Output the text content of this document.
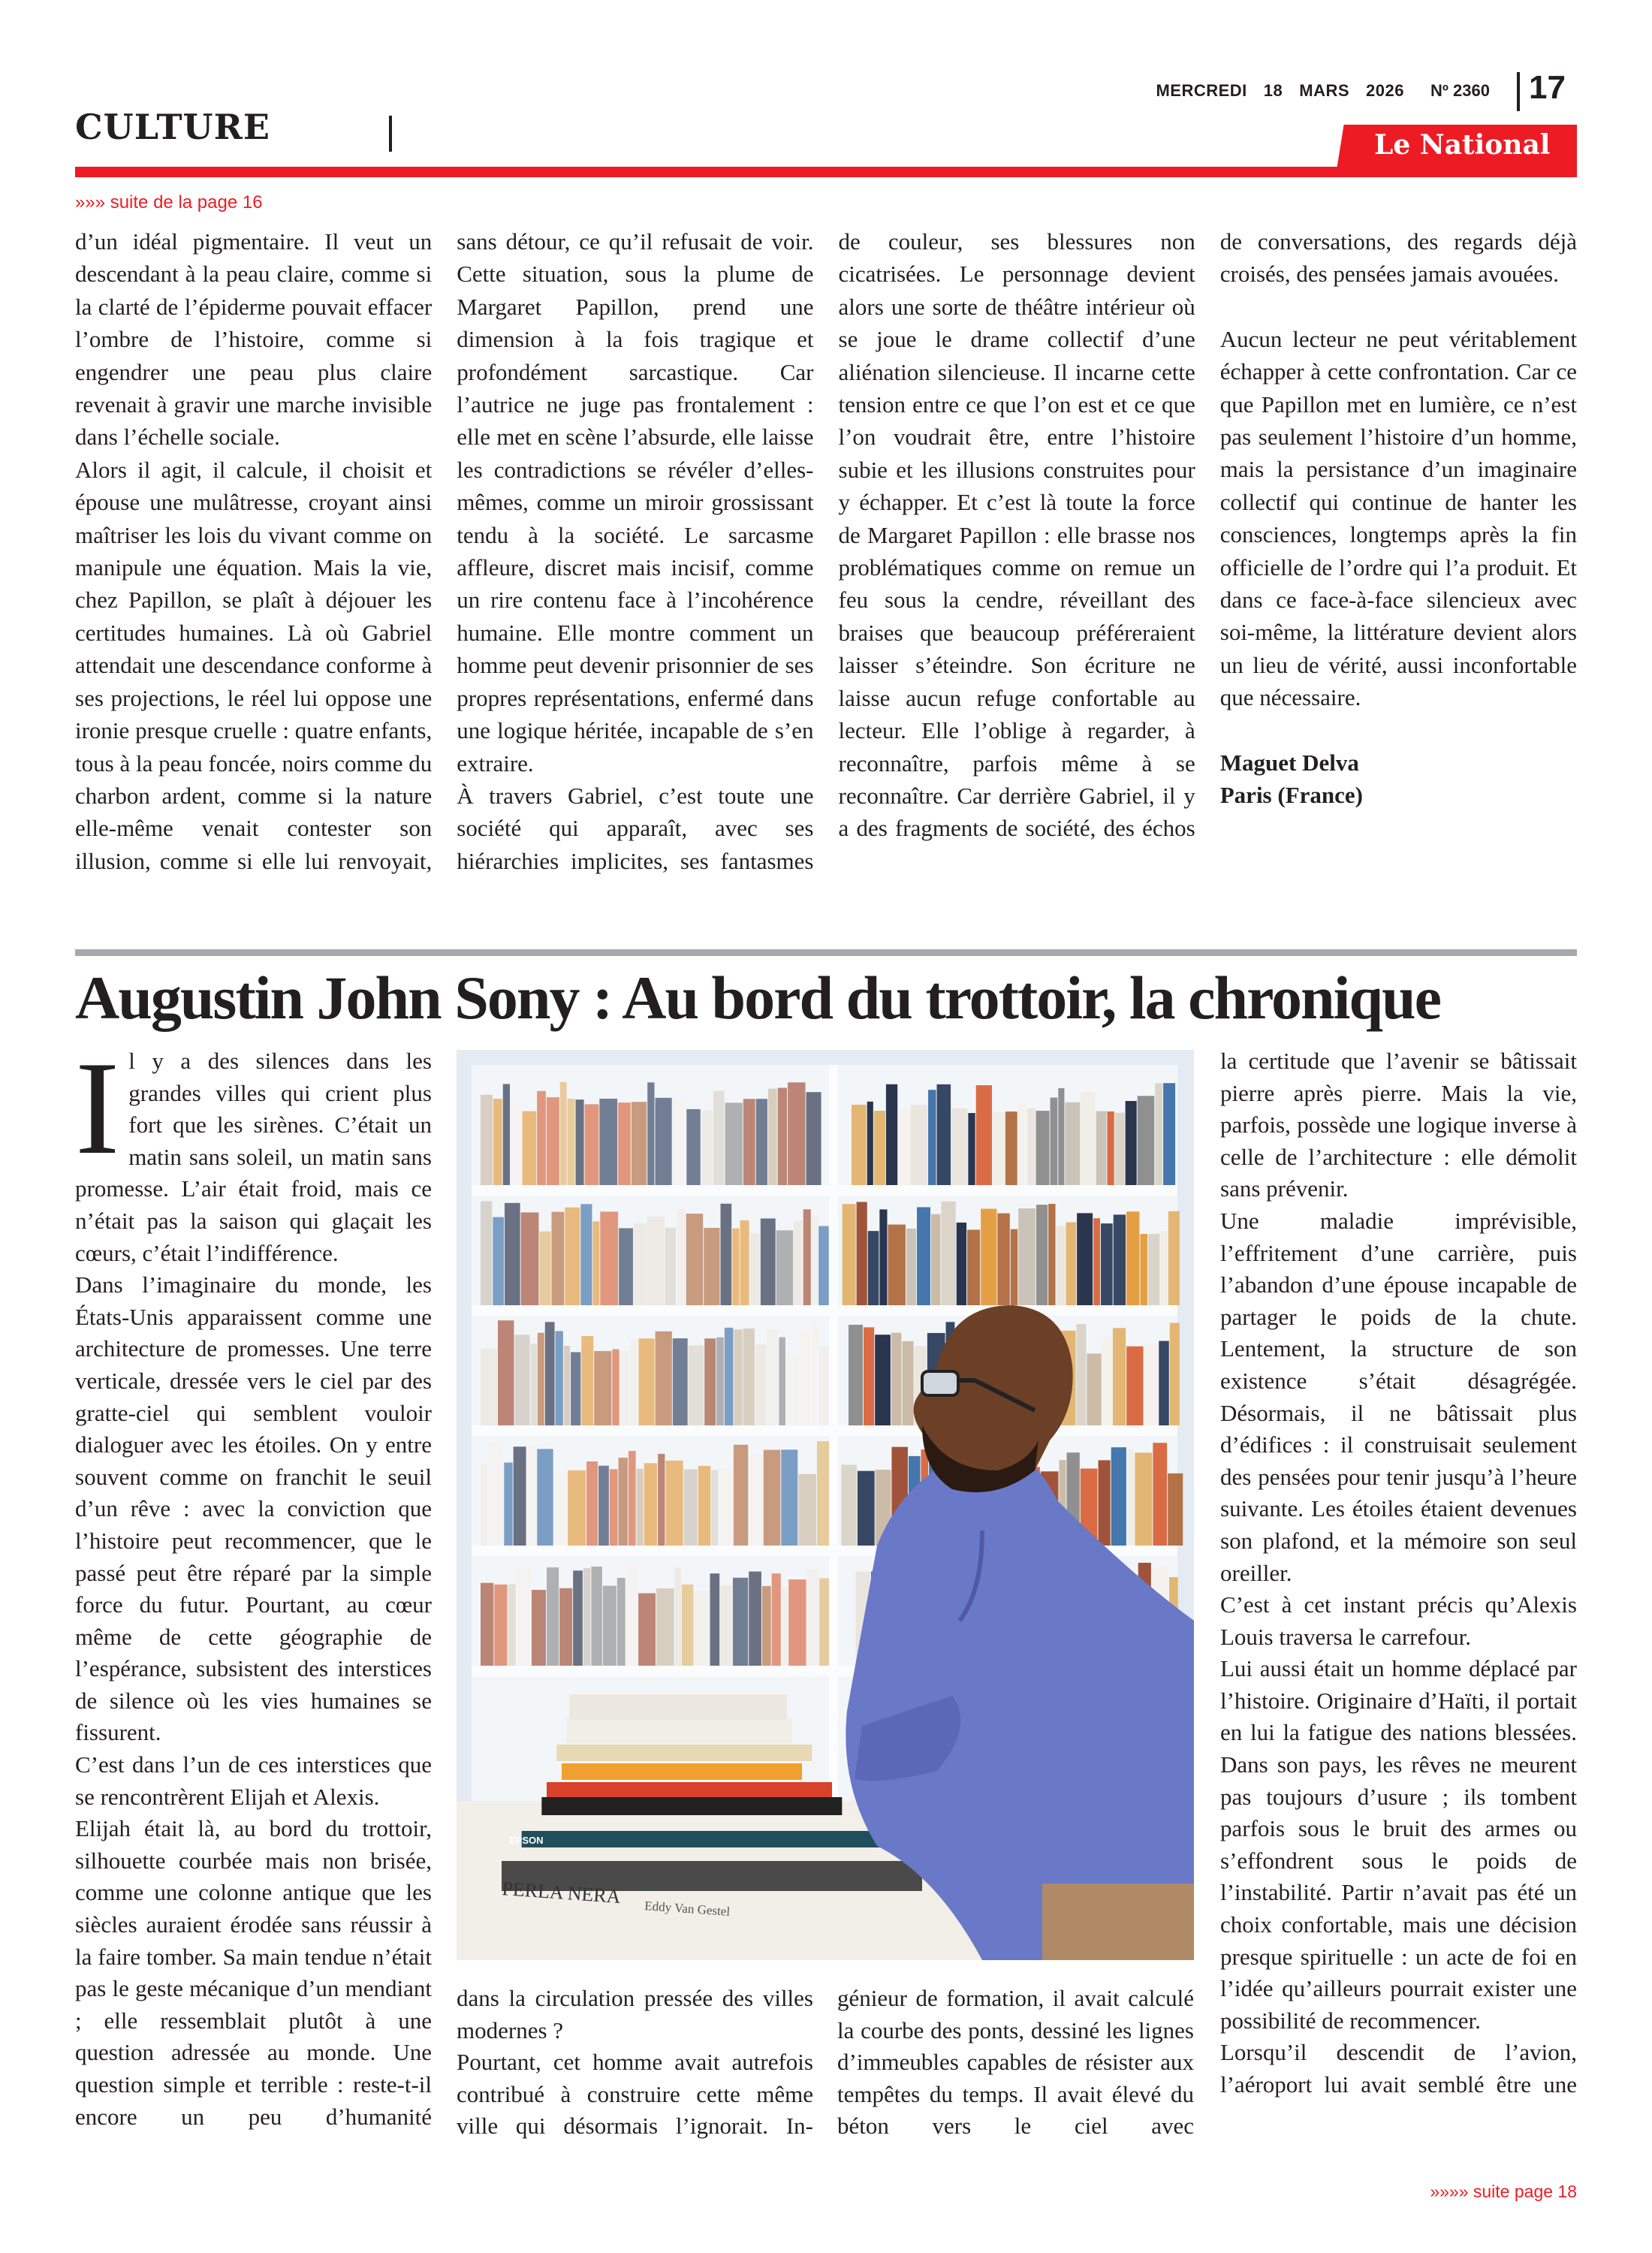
MERCREDI 18 MARS 2026 Nº 2360 17
CULTURE	Le National
»»» suite de la page 16

d’un idéal pigmentaire. Il veut un descendant à la peau claire, comme si la clarté de l’épiderme pouvait effacer l’ombre de l’histoire, comme si engendrer une peau plus claire revenait à gravir une marche invisible dans l’échelle sociale.

Alors il agit, il calcule, il choisit et épouse une mulâtresse, croyant ainsi maîtriser les lois du vivant comme on manipule une équation. Mais la vie, chez Papillon, se plaît à déjouer les certitudes humaines. Là où Gabriel attendait une descendance conforme à ses projections, le réel lui oppose une ironie presque cruelle : quatre enfants, tous à la peau foncée, noirs comme du charbon ardent, comme si la nature elle-même venait contester son illusion, comme si elle lui renvoyait, sans détour, ce qu’il refusait de voir. Cette situation, sous la plume de Margaret Papillon, prend une dimension à la fois tragique et profondément sarcastique. Car l’autrice ne juge pas frontalement : elle met en scène l’absurde, elle laisse les contradictions se révéler d’elles-mêmes, comme un miroir grossissant tendu à la société. Le sarcasme affleure, discret mais incisif, comme un rire contenu face à l’incohérence humaine. Elle montre comment un homme peut devenir prisonnier de ses propres représentations, enfermé dans une logique héritée, incapable de s’en extraire.

À travers Gabriel, c’est toute une société qui apparaît, avec ses hiérarchies implicites, ses fantasmes de couleur, ses blessures non cicatrisées. Le personnage devient alors une sorte de théâtre intérieur où se joue le drame collectif d’une aliénation silencieuse. Il incarne cette tension entre ce que l’on est et ce que l’on voudrait être, entre l’histoire subie et les illusions construites pour y échapper. Et c’est là toute la force de Margaret Papillon : elle brasse nos problématiques comme on remue un feu sous la cendre, réveillant des braises que beaucoup préféreraient laisser s’éteindre. Son écriture ne laisse aucun refuge confortable au lecteur. Elle l’oblige à regarder, à reconnaître, parfois même à se reconnaître. Car derrière Gabriel, il y a des fragments de société, des échos de conversations, des regards déjà croisés, des pensées jamais avouées.

Aucun lecteur ne peut véritablement échapper à cette confrontation. Car ce que Papillon met en lumière, ce n’est pas seulement l’histoire d’un homme, mais la persistance d’un imaginaire collectif qui continue de hanter les consciences, longtemps après la fin officielle de l’ordre qui l’a produit. Et dans ce face-à-face silencieux avec soi-même, la littérature devient alors un lieu de vérité, aussi inconfortable que nécessaire.

Maguet Delva

Paris (France)

Augustin John Sony : Au bord du trottoir, la chronique
I l y a des silences dans les grandes villes qui crient plus fort que les sirènes. C’était un matin sans soleil, un matin sans promesse. L’air était froid, mais ce n’était pas la saison qui glaçait les cœurs, c’était l’indifférence.

Dans l’imaginaire du monde, les États-Unis apparaissent comme une architecture de promesses. Une terre verticale, dressée vers le ciel par des gratte-ciel qui semblent vouloir dialoguer avec les étoiles. On y entre souvent comme on franchit le seuil d’un rêve : avec la conviction que l’histoire peut recommencer, que le passé peut être réparé par la simple force du futur. Pourtant, au cœur même de cette géographie de l’espérance, subsistent des interstices de silence où les vies humaines se fissurent.

C’est dans l’un de ces interstices que se rencontrèrent Elijah et Alexis.

Elijah était là, au bord du trottoir, silhouette courbée mais non brisée, comme une colonne antique que les siècles auraient érodée sans réussir à la faire tomber. Sa main tendue n’était pas le geste mécanique d’un mendiant ; elle ressemblait plutôt à une question adressée au monde. Une question simple et terrible : reste-t-il encore un peu d’humanité

dans la circulation pressée des villes modernes ?

Pourtant, cet homme avait autrefois contribué à construire cette même ville qui désormais l’ignorait. In-

génieur de formation, il avait calculé la courbe des ponts, dessiné les lignes d’immeubles capables de résister aux tempêtes du temps. Il avait élevé du béton vers le ciel avec

la certitude que l’avenir se bâtissait pierre après pierre. Mais la vie, parfois, possède une logique inverse à celle de l’architecture : elle démolit sans prévenir.

Une maladie imprévisible, l’effritement d’une carrière, puis l’abandon d’une épouse incapable de partager le poids de la chute. Lentement, la structure de son existence s’était désagrégée. Désormais, il ne bâtissait plus d’édifices : il construisait seulement des pensées pour tenir jusqu’à l’heure suivante. Les étoiles étaient devenues son plafond, et la mémoire son seul oreiller.

C’est à cet instant précis qu’Alexis Louis traversa le carrefour.

Lui aussi était un homme déplacé par l’histoire. Originaire d’Haïti, il portait en lui la fatigue des nations blessées. Dans son pays, les rêves ne meurent pas toujours d’usure ; ils tombent parfois sous le bruit des armes ou s’effondrent sous le poids de l’instabilité. Partir n’avait pas été un choix confortable, mais une décision presque spirituelle : un acte de foi en l’idée qu’ailleurs pourrait exister une possibilité de recommencer.

Lorsqu’il descendit de l’avion, l’aéroport lui avait semblé être une

»»»» suite page 18
PERLA NERA
Eddy Van Gestel
EPSON
